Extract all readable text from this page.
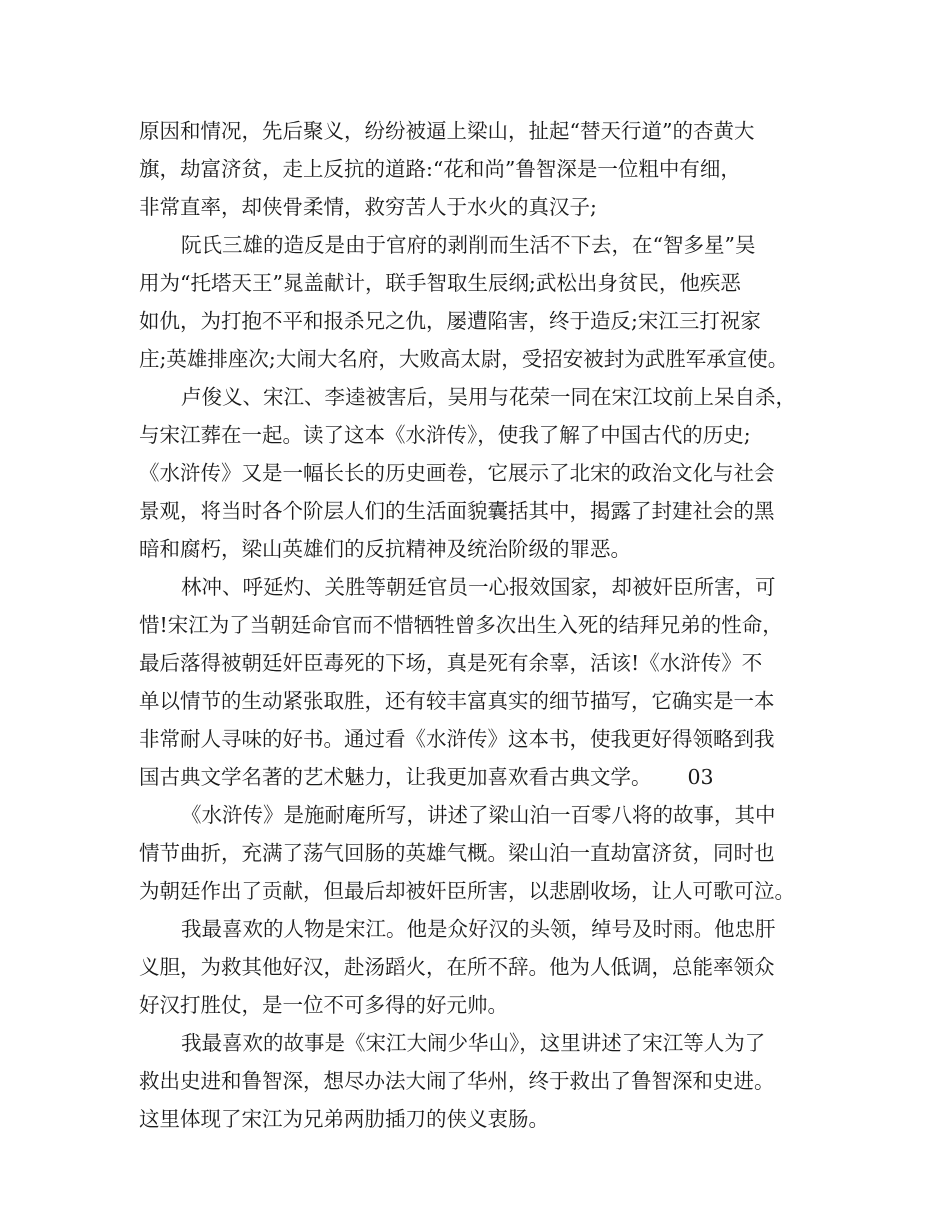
原因和情况，先后聚义，纷纷被逼上梁山，扯起“替天行道”的杏黄大
旗，劫富济贫，走上反抗的道路:“花和尚”鲁智深是一位粗中有细，
非常直率，却侠骨柔情，救穷苦人于水火的真汉子;
阮氏三雄的造反是由于官府的剥削而生活不下去，在“智多星”吴
用为“托塔天王”晁盖献计，联手智取生辰纲;武松出身贫民，他疾恶
如仇，为打抱不平和报杀兄之仇，屡遭陷害，终于造反;宋江三打祝家
庄;英雄排座次;大闹大名府，大败高太尉，受招安被封为武胜军承宣使。
卢俊义、宋江、李逵被害后，吴用与花荣一同在宋江坟前上呆自杀，
与宋江葬在一起。读了这本《水浒传》，使我了解了中国古代的历史;
《水浒传》又是一幅长长的历史画卷，它展示了北宋的政治文化与社会
景观，将当时各个阶层人们的生活面貌囊括其中，揭露了封建社会的黑
暗和腐朽，梁山英雄们的反抗精神及统治阶级的罪恶。
林冲、呼延灼、关胜等朝廷官员一心报效国家，却被奸臣所害，可
惜!宋江为了当朝廷命官而不惜牺牲曾多次出生入死的结拜兄弟的性命，
最后落得被朝廷奸臣毒死的下场，真是死有余辜，活该!《水浒传》不
单以情节的生动紧张取胜，还有较丰富真实的细节描写，它确实是一本
非常耐人寻味的好书。通过看《水浒传》这本书，使我更好得领略到我
国古典文学名著的艺术魅力，让我更加喜欢看古典文学。 03
《水浒传》是施耐庵所写，讲述了梁山泊一百零八将的故事，其中
情节曲折，充满了荡气回肠的英雄气概。梁山泊一直劫富济贫，同时也
为朝廷作出了贡献，但最后却被奸臣所害，以悲剧收场，让人可歌可泣。
我最喜欢的人物是宋江。他是众好汉的头领，绰号及时雨。他忠肝
义胆，为救其他好汉，赴汤蹈火，在所不辞。他为人低调，总能率领众
好汉打胜仗，是一位不可多得的好元帅。
我最喜欢的故事是《宋江大闹少华山》，这里讲述了宋江等人为了
救出史进和鲁智深，想尽办法大闹了华州，终于救出了鲁智深和史进。
这里体现了宋江为兄弟两肋插刀的侠义衷肠。
